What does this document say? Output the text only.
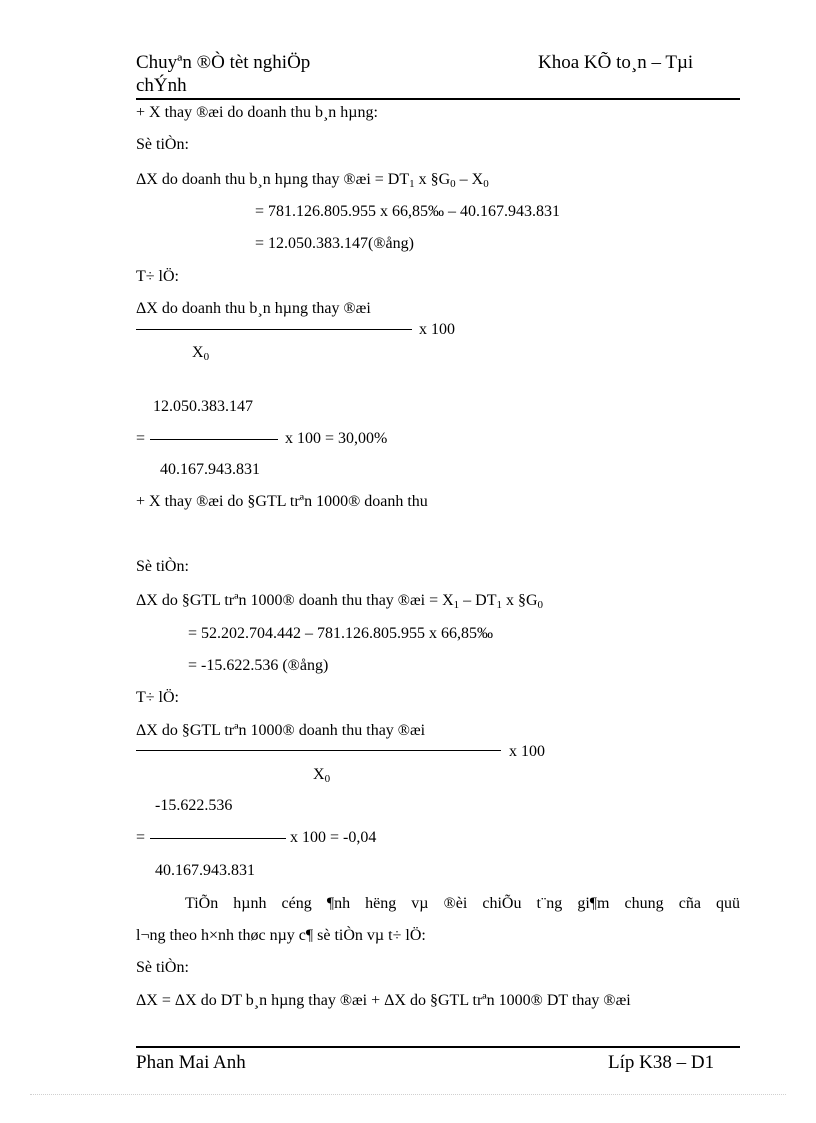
Chuyªn ®Ò tèt nghiÖp
chÝnh
Khoa KÕ to¸n – Tµi
+ X thay ®æi do doanh thu b¸n hµng:
Sè tiÒn:
ΔX do doanh thu b¸n hµng thay ®æi = $DT_1$ x $\S G_0 - X_0$
= 781.126.805.955 x 66,85‰ – 40.167.943.831
= 12.050.383.147(®ång)
T÷ lÖ:
ΔX do doanh thu b¸n hµng thay ®æi
x 100
$X_0$
12.050.383.147
=	x 100 = 30,00%
40.167.943.831
+ X thay ®æi do §GTL trªn 1000® doanh thu
Sè tiÒn:
ΔX do §GTL trªn 1000® doanh thu thay ®æi = $X_1 - DT_1$ x $\S G_0$
= 52.202.704.442 – 781.126.805.955 x 66,85‰
= -15.622.536 (®ång)
T÷ lÖ:
ΔX do §GTL trªn 1000® doanh thu thay ®æi
x 100
$X_0$
-15.622.536
=	x 100 = -0,04
40.167.943.831
TiÕn hµnh céng ¶nh hëng vµ ®èi chiÕu t¨ng gi¶m chung cña quü
l¬ng theo h×nh thøc nµy c¶ sè tiÒn vµ t÷ lÖ:
Sè tiÒn:
ΔX = ΔX do DT b¸n hµng thay ®æi + ΔX do §GTL trªn 1000® DT thay ®æi
Phan Mai Anh	Líp K38 – D1
